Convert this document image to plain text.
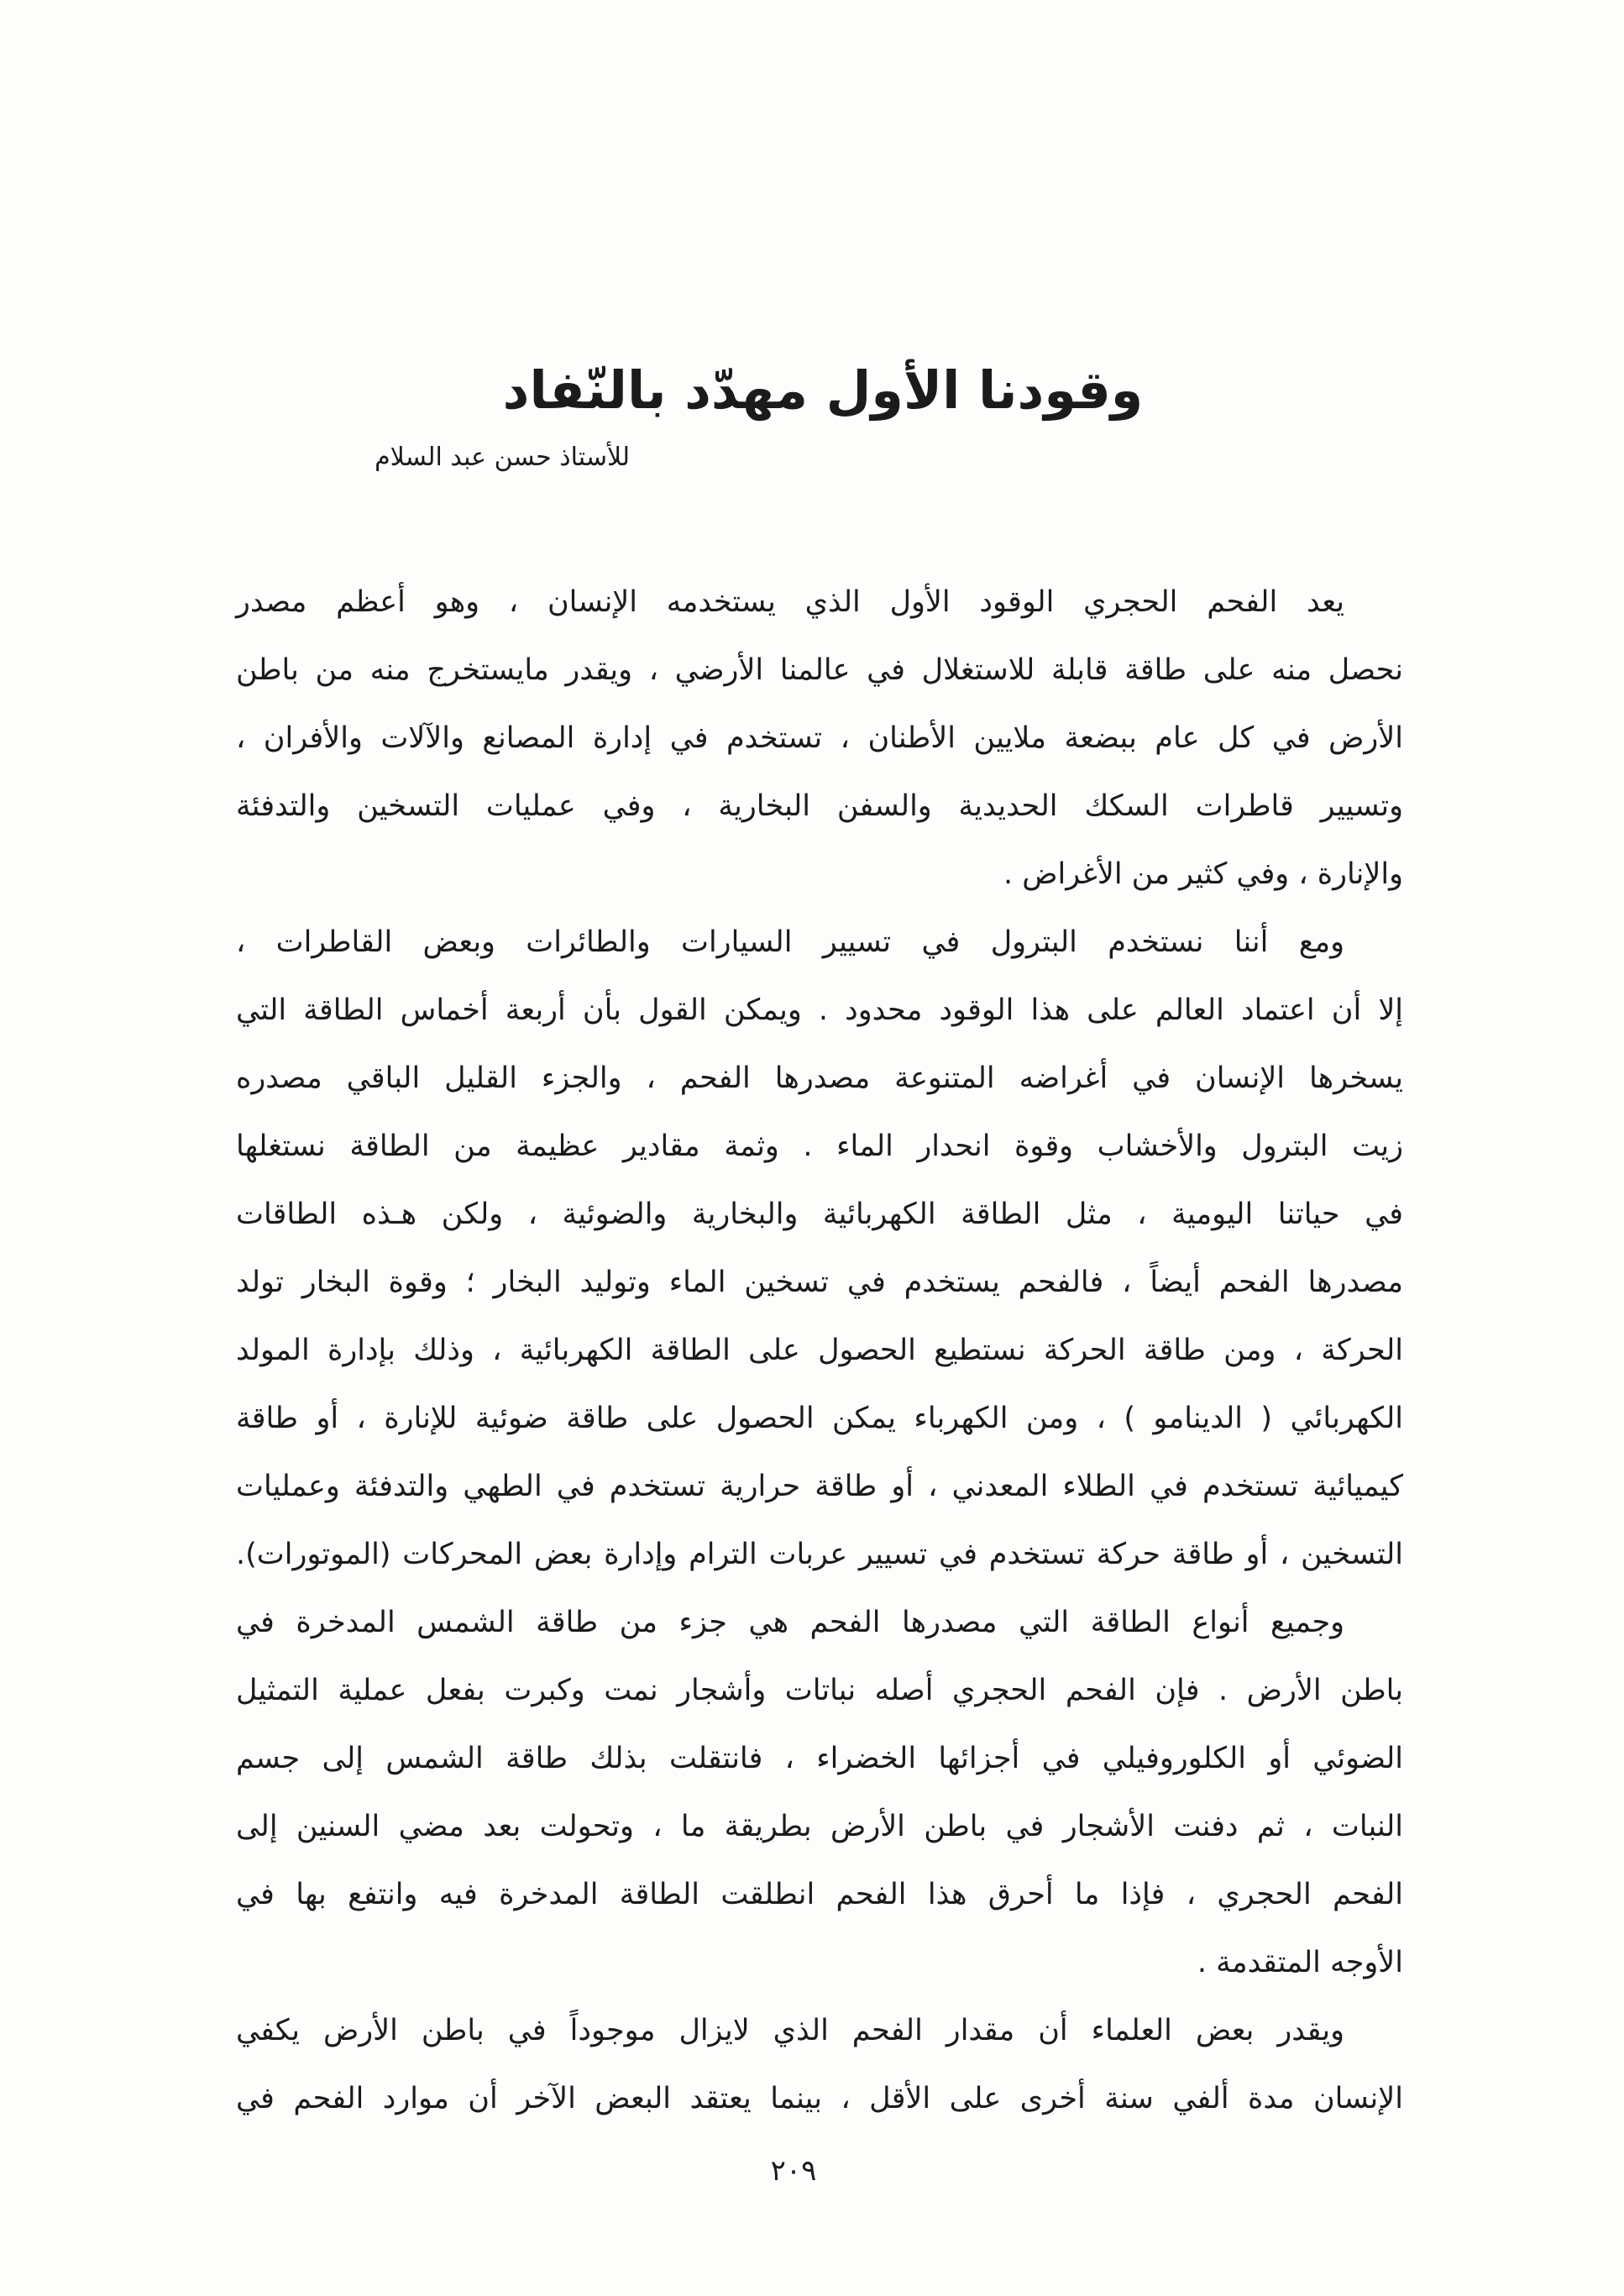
وقودنا الأول مهدّد بالنّفاد
للأستاذ حسن عبد السلام
يعد الفحم الحجري الوقود الأول الذي يستخدمه الإنسان ، وهو أعظم مصدر
نحصل منه على طاقة قابلة للاستغلال في عالمنا الأرضي ، ويقدر مايستخرج منه من باطن
الأرض في كل عام ببضعة ملايين الأطنان ، تستخدم في إدارة المصانع والآلات والأفران ،
وتسيير قاطرات السكك الحديدية والسفن البخارية ، وفي عمليات التسخين والتدفئة
والإنارة ، وفي كثير من الأغراض .
ومع أننا نستخدم البترول في تسيير السيارات والطائرات وبعض القاطرات ،
إلا أن اعتماد العالم على هذا الوقود محدود . ويمكن القول بأن أربعة أخماس الطاقة التي
يسخرها الإنسان في أغراضه المتنوعة مصدرها الفحم ، والجزء القليل الباقي مصدره
زيت البترول والأخشاب وقوة انحدار الماء . وثمة مقادير عظيمة من الطاقة نستغلها
في حياتنا اليومية ، مثل الطاقة الكهربائية والبخارية والضوئية ، ولكن هـذه الطاقات
مصدرها الفحم أيضاً ، فالفحم يستخدم في تسخين الماء وتوليد البخار ؛ وقوة البخار تولد
الحركة ، ومن طاقة الحركة نستطيع الحصول على الطاقة الكهربائية ، وذلك بإدارة المولد
الكهربائي ( الدينامو ) ، ومن الكهرباء يمكن الحصول على طاقة ضوئية للإنارة ، أو طاقة
كيميائية تستخدم في الطلاء المعدني ، أو طاقة حرارية تستخدم في الطهي والتدفئة وعمليات
التسخين ، أو طاقة حركة تستخدم في تسيير عربات الترام وإدارة بعض المحركات (الموتورات).
وجميع أنواع الطاقة التي مصدرها الفحم هي جزء من طاقة الشمس المدخرة في
باطن الأرض . فإن الفحم الحجري أصله نباتات وأشجار نمت وكبرت بفعل عملية التمثيل
الضوئي أو الكلوروفيلي في أجزائها الخضراء ، فانتقلت بذلك طاقة الشمس إلى جسم
النبات ، ثم دفنت الأشجار في باطن الأرض بطريقة ما ، وتحولت بعد مضي السنين إلى
الفحم الحجري ، فإذا ما أحرق هذا الفحم انطلقت الطاقة المدخرة فيه وانتفع بها في
الأوجه المتقدمة .
ويقدر بعض العلماء أن مقدار الفحم الذي لايزال موجوداً في باطن الأرض يكفي
الإنسان مدة ألفي سنة أخرى على الأقل ، بينما يعتقد البعض الآخر أن موارد الفحم في
٢٠٩
